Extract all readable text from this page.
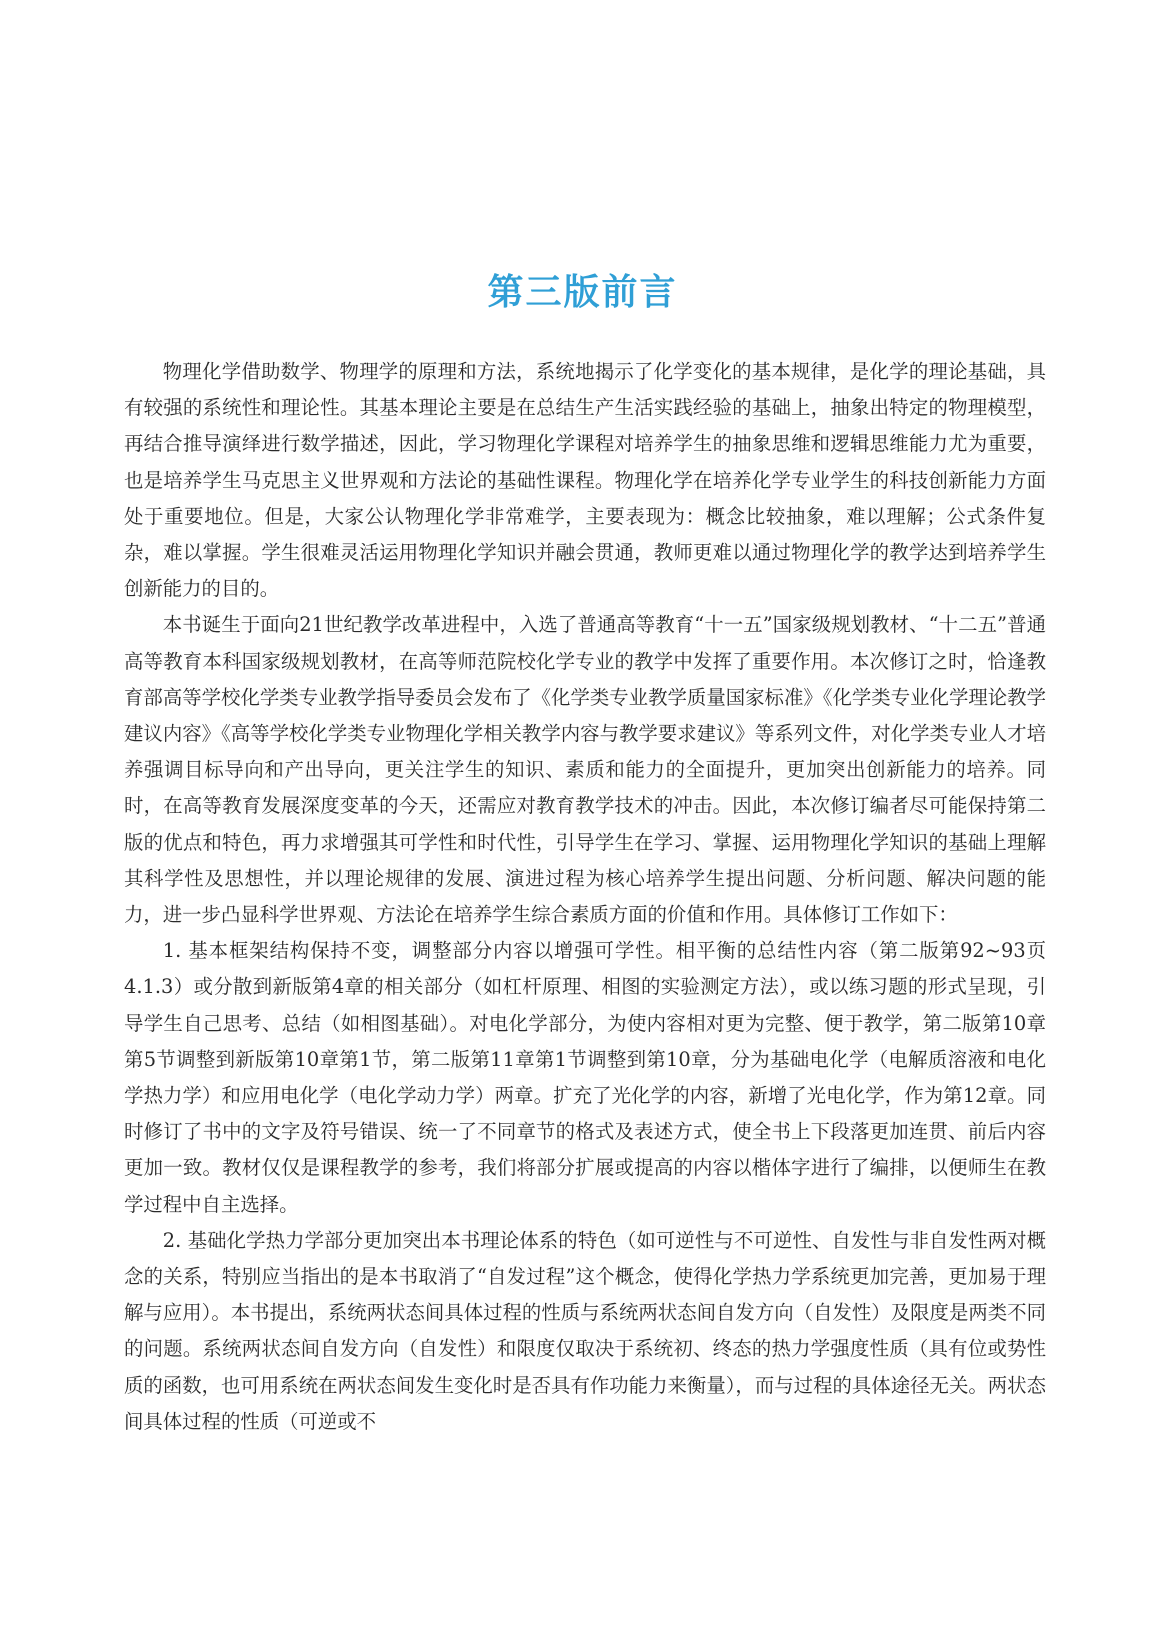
第三版前言

物理化学借助数学、物理学的原理和方法，系统地揭示了化学变化的基本规律，是化学的理论基础，具有较强的系统性和理论性。其基本理论主要是在总结生产生活实践经验的基础上，抽象出特定的物理模型，再结合推导演绎进行数学描述，因此，学习物理化学课程对培养学生的抽象思维和逻辑思维能力尤为重要，也是培养学生马克思主义世界观和方法论的基础性课程。物理化学在培养化学专业学生的科技创新能力方面处于重要地位。但是，大家公认物理化学非常难学，主要表现为：概念比较抽象，难以理解；公式条件复杂，难以掌握。学生很难灵活运用物理化学知识并融会贯通，教师更难以通过物理化学的教学达到培养学生创新能力的目的。

本书诞生于面向21世纪教学改革进程中，入选了普通高等教育“十一五”国家级规划教材、“十二五”普通高等教育本科国家级规划教材，在高等师范院校化学专业的教学中发挥了重要作用。本次修订之时，恰逢教育部高等学校化学类专业教学指导委员会发布了《化学类专业教学质量国家标准》《化学类专业化学理论教学建议内容》《高等学校化学类专业物理化学相关教学内容与教学要求建议》等系列文件，对化学类专业人才培养强调目标导向和产出导向，更关注学生的知识、素质和能力的全面提升，更加突出创新能力的培养。同时，在高等教育发展深度变革的今天，还需应对教育教学技术的冲击。因此，本次修订编者尽可能保持第二版的优点和特色，再力求增强其可学性和时代性，引导学生在学习、掌握、运用物理化学知识的基础上理解其科学性及思想性，并以理论规律的发展、演进过程为核心培养学生提出问题、分析问题、解决问题的能力，进一步凸显科学世界观、方法论在培养学生综合素质方面的价值和作用。具体修订工作如下：

1. 基本框架结构保持不变，调整部分内容以增强可学性。相平衡的总结性内容（第二版第92~93页4.1.3）或分散到新版第4章的相关部分（如杠杆原理、相图的实验测定方法），或以练习题的形式呈现，引导学生自己思考、总结（如相图基础）。对电化学部分，为使内容相对更为完整、便于教学，第二版第10章第5节调整到新版第10章第1节，第二版第11章第1节调整到第10章，分为基础电化学（电解质溶液和电化学热力学）和应用电化学（电化学动力学）两章。扩充了光化学的内容，新增了光电化学，作为第12章。同时修订了书中的文字及符号错误、统一了不同章节的格式及表述方式，使全书上下段落更加连贯、前后内容更加一致。教材仅仅是课程教学的参考，我们将部分扩展或提高的内容以楷体字进行了编排，以便师生在教学过程中自主选择。

2. 基础化学热力学部分更加突出本书理论体系的特色（如可逆性与不可逆性、自发性与非自发性两对概念的关系，特别应当指出的是本书取消了“自发过程”这个概念，使得化学热力学系统更加完善，更加易于理解与应用）。本书提出，系统两状态间具体过程的性质与系统两状态间自发方向（自发性）及限度是两类不同的问题。系统两状态间自发方向（自发性）和限度仅取决于系统初、终态的热力学强度性质（具有位或势性质的函数，也可用系统在两状态间发生变化时是否具有作功能力来衡量），而与过程的具体途径无关。两状态间具体过程的性质（可逆或不
